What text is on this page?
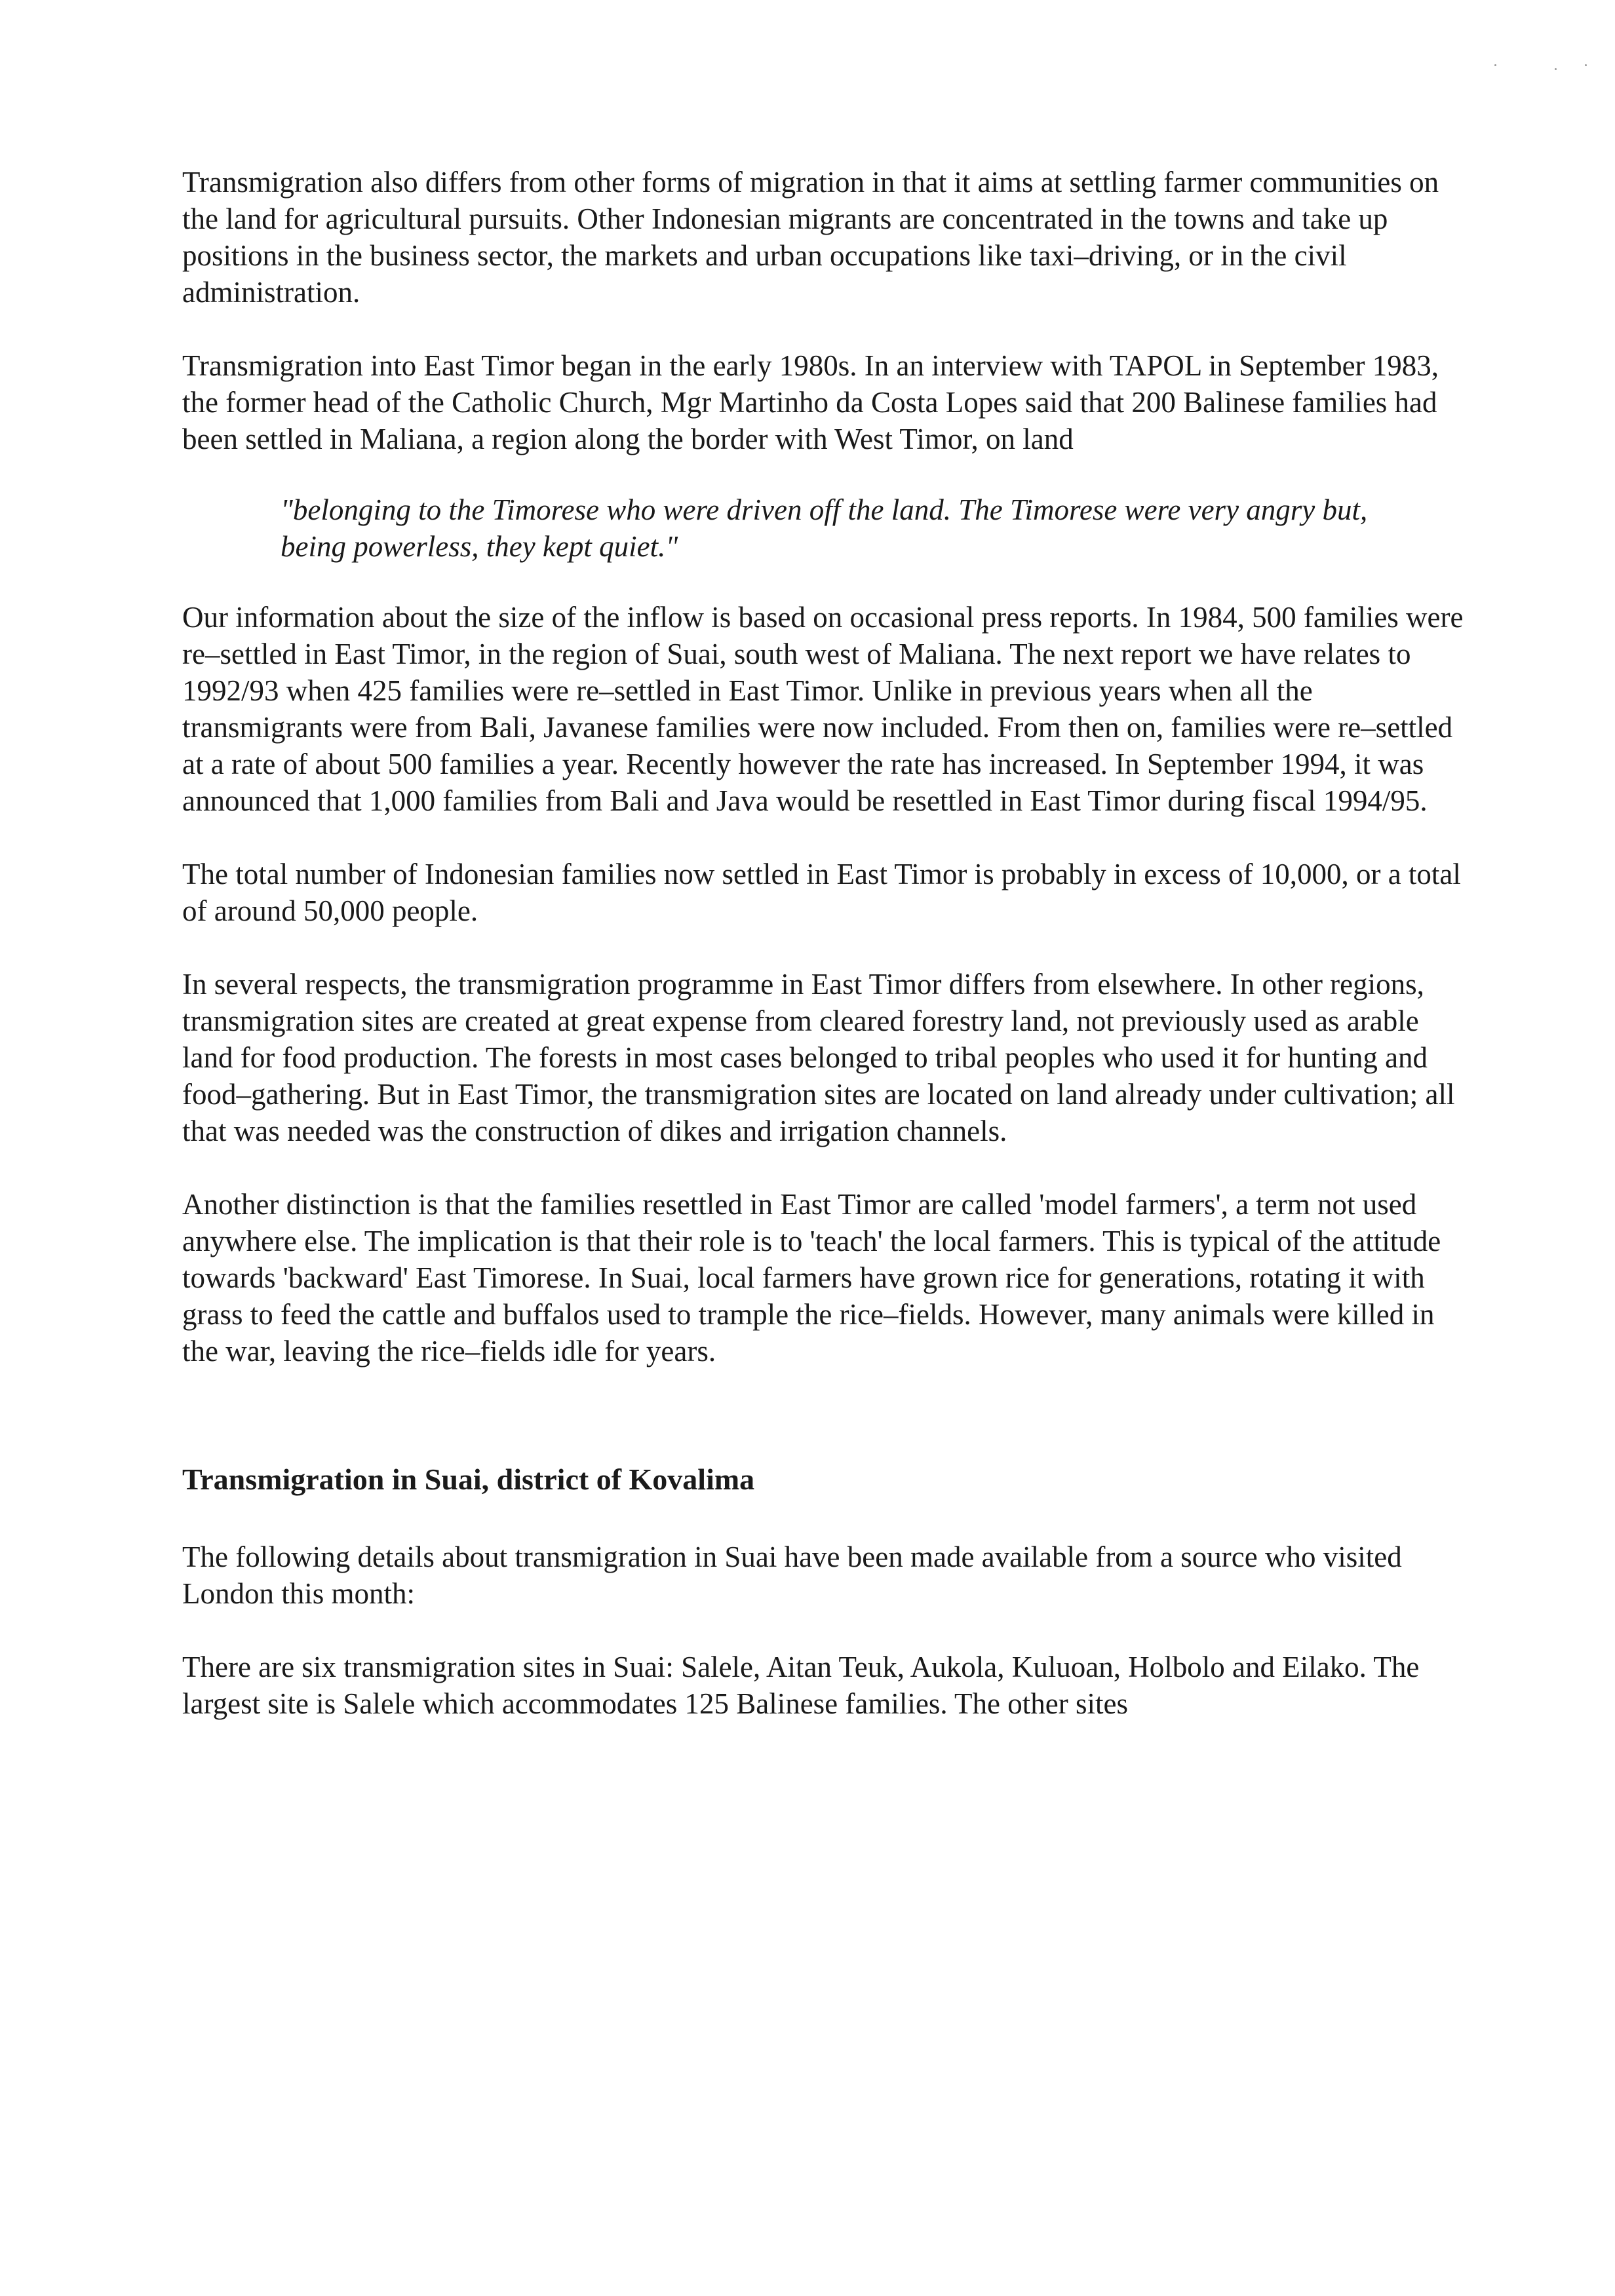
Transmigration also differs from other forms of migration in that it aims at settling farmer communities on the land for agricultural pursuits. Other Indonesian migrants are concentrated in the towns and take up positions in the business sector, the markets and urban occupations like taxi–driving, or in the civil administration.

Transmigration into East Timor began in the early 1980s. In an interview with TAPOL in September 1983, the former head of the Catholic Church, Mgr Martinho da Costa Lopes said that 200 Balinese families had been settled in Maliana, a region along the border with West Timor, on land

"belonging to the Timorese who were driven off the land. The Timorese were very angry but, being powerless, they kept quiet."

Our information about the size of the inflow is based on occasional press reports. In 1984, 500 families were re–settled in East Timor, in the region of Suai, south west of Maliana. The next report we have relates to 1992/93 when 425 families were re–settled in East Timor. Unlike in previous years when all the transmigrants were from Bali, Javanese families were now included. From then on, families were re–settled at a rate of about 500 families a year. Recently however the rate has increased. In September 1994, it was announced that 1,000 families from Bali and Java would be resettled in East Timor during fiscal 1994/95.

The total number of Indonesian families now settled in East Timor is probably in excess of 10,000, or a total of around 50,000 people.

In several respects, the transmigration programme in East Timor differs from elsewhere. In other regions, transmigration sites are created at great expense from cleared forestry land, not previously used as arable land for food production. The forests in most cases belonged to tribal peoples who used it for hunting and food–gathering. But in East Timor, the transmigration sites are located on land already under cultivation; all that was needed was the construction of dikes and irrigation channels.

Another distinction is that the families resettled in East Timor are called 'model farmers', a term not used anywhere else. The implication is that their role is to 'teach' the local farmers. This is typical of the attitude towards 'backward' East Timorese. In Suai, local farmers have grown rice for generations, rotating it with grass to feed the cattle and buffalos used to trample the rice–fields. However, many animals were killed in the war, leaving the rice–fields idle for years.

Transmigration in Suai, district of Kovalima

The following details about transmigration in Suai have been made available from a source who visited London this month:

There are six transmigration sites in Suai: Salele, Aitan Teuk, Aukola, Kuluoan, Holbolo and Eilako. The largest site is Salele which accommodates 125 Balinese families. The other sites
